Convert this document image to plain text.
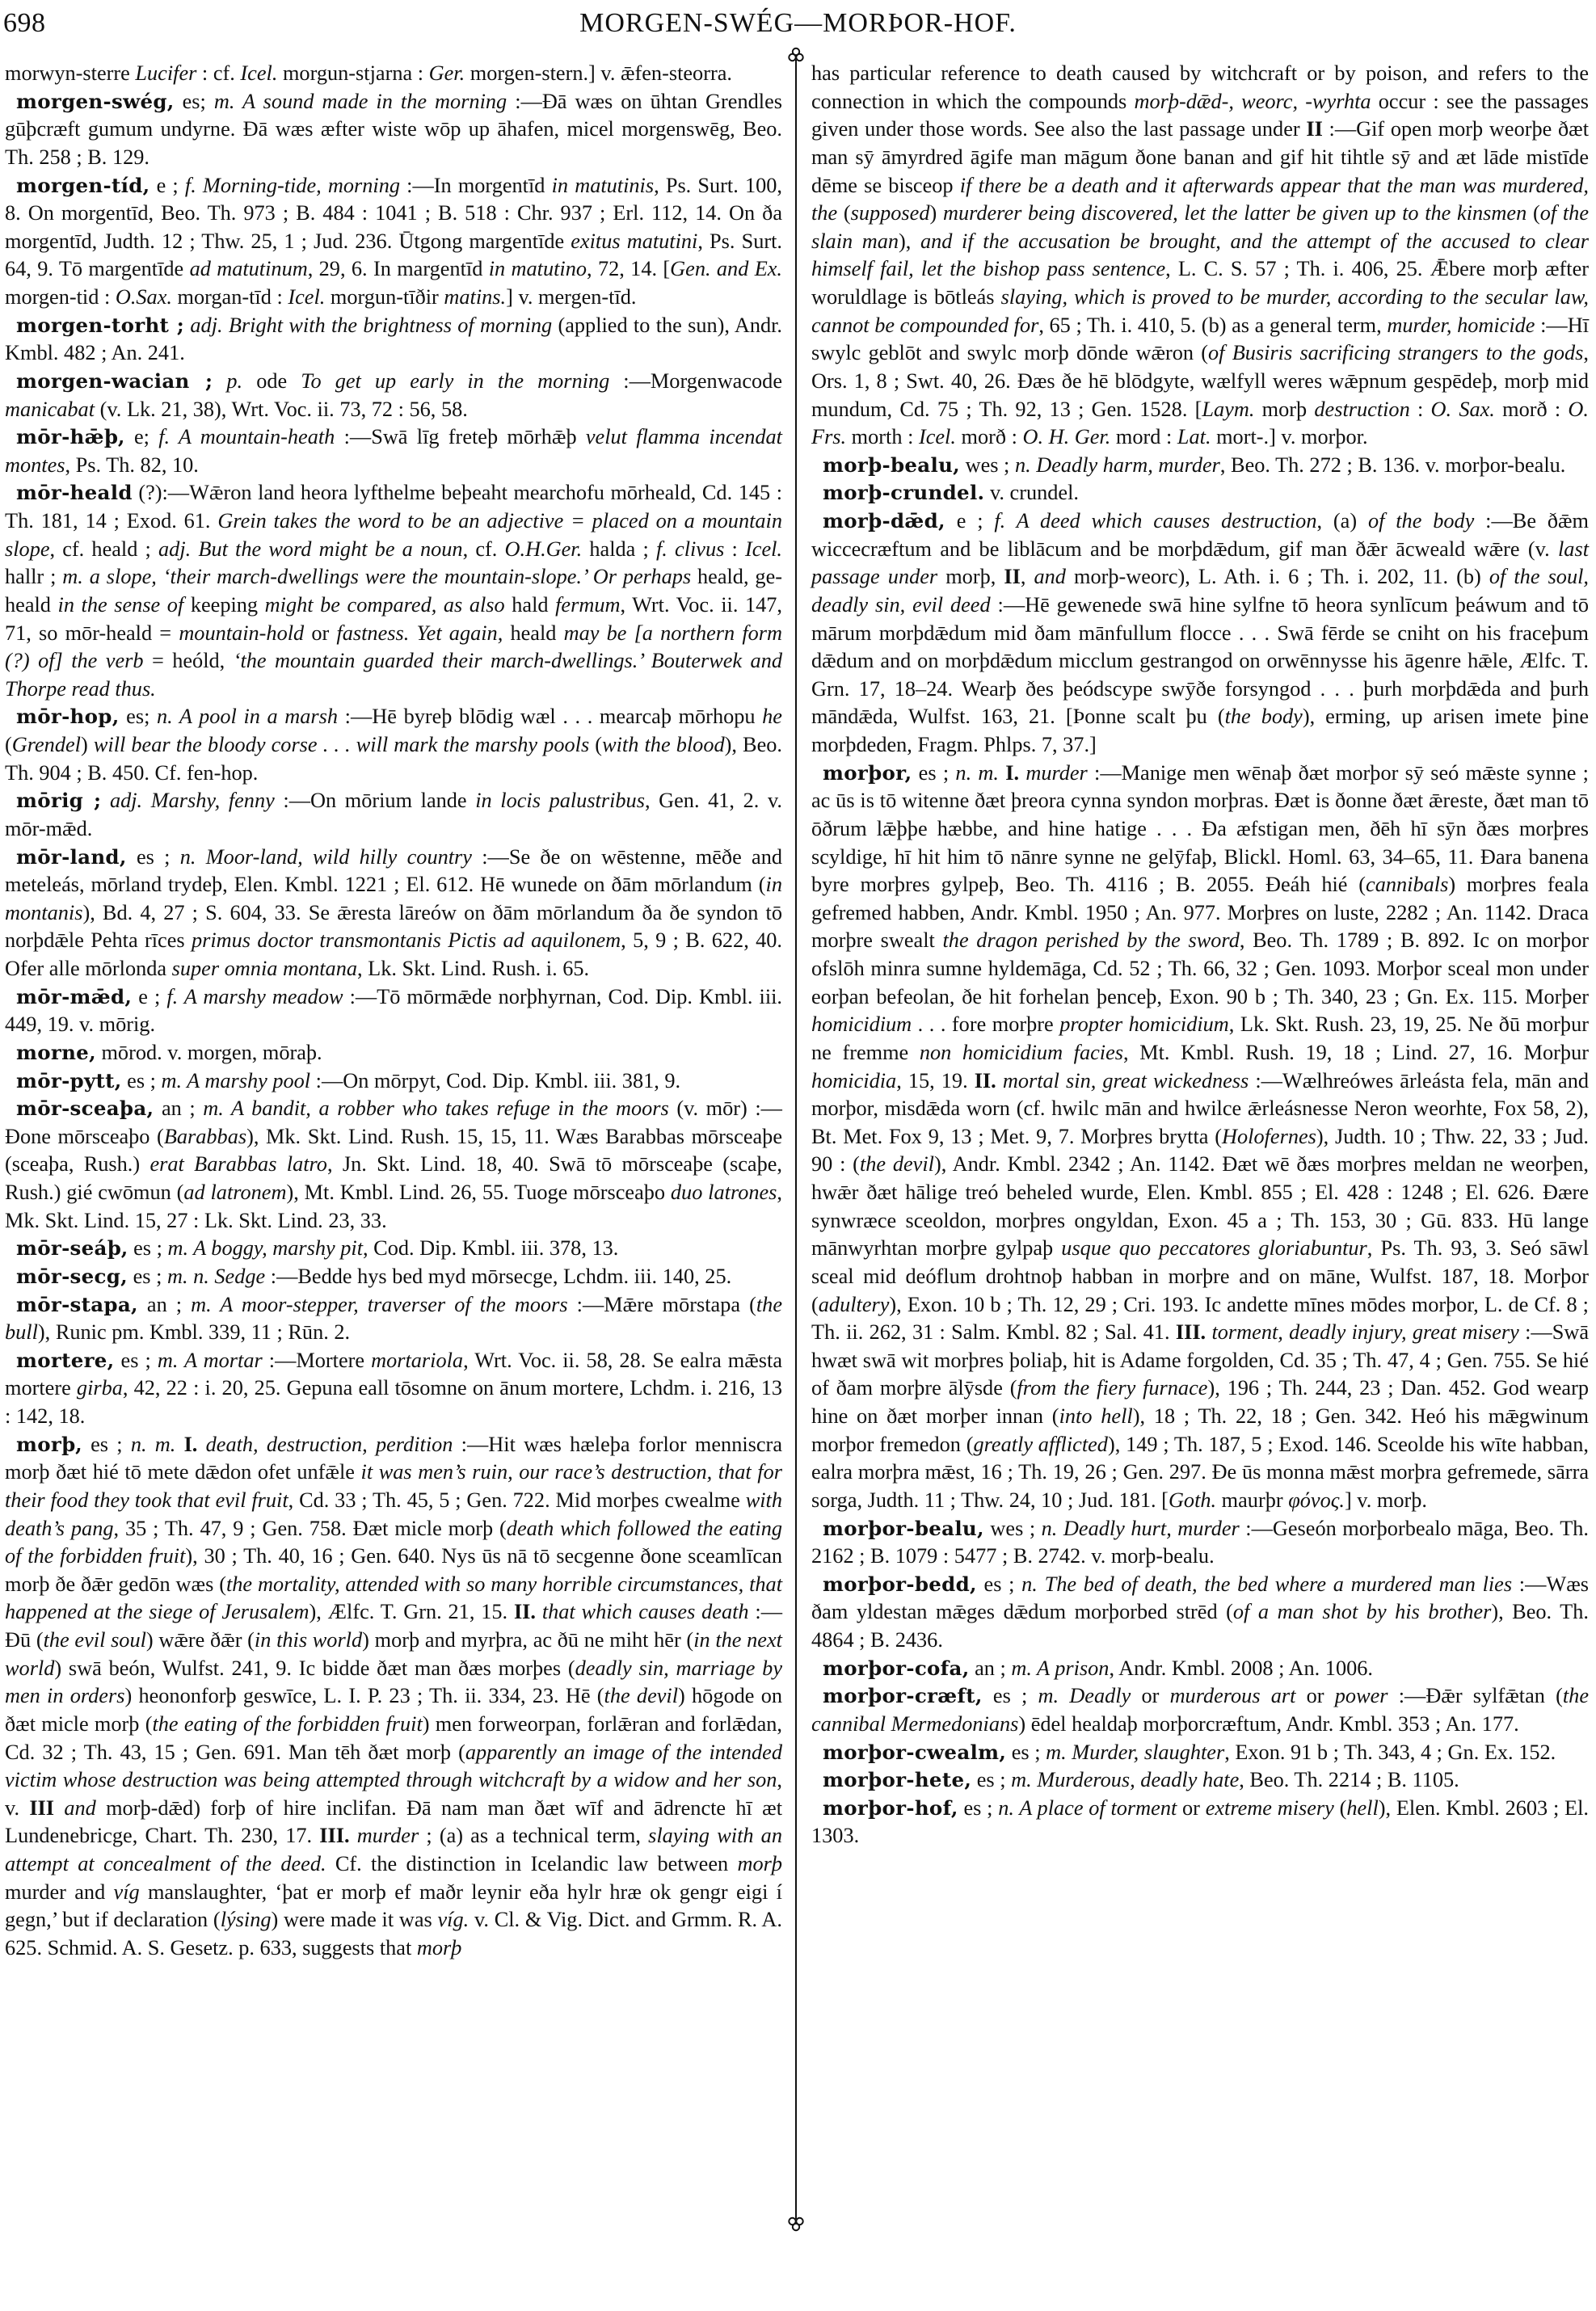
698	MORGEN-SWÉG—MORÞOR-HOF.

morwyn-sterre Lucifer : cf. Icel. morgun-stjarna : Ger. morgen-stern.] v. ǣfen-steorra.

morgen-swég, es; m. A sound made in the morning :—Ðā wæs on ūhtan Grendles gūþcræft gumum undyrne. Ðā wæs æfter wiste wōp up āhafen, micel morgenswēg, Beo. Th. 258 ; B. 129.

morgen-tíd, e ; f. Morning-tide, morning :—In morgentīd in matutinis, Ps. Surt. 100, 8. On morgentīd, Beo. Th. 973 ; B. 484 : 1041 ; B. 518 : Chr. 937 ; Erl. 112, 14. On ða morgentīd, Judth. 12 ; Thw. 25, 1 ; Jud. 236. Ūtgong margentīde exitus matutini, Ps. Surt. 64, 9. Tō margentīde ad matutinum, 29, 6. In margentīd in matutino, 72, 14. [Gen. and Ex. morgen-tid : O.Sax. morgan-tīd : Icel. morgun-tīðir matins.] v. mergen-tīd.

morgen-torht ; adj. Bright with the brightness of morning (applied to the sun), Andr. Kmbl. 482 ; An. 241.

morgen-wacian ; p. ode To get up early in the morning :—Morgenwacode manicabat (v. Lk. 21, 38), Wrt. Voc. ii. 73, 72 : 56, 58.

mōr-hǣþ, e; f. A mountain-heath :—Swā līg freteþ mōrhǣþ velut flamma incendat montes, Ps. Th. 82, 10.

mōr-heald (?):—Wǣron land heora lyfthelme beþeaht mearchofu mōrheald, Cd. 145 : Th. 181, 14 ; Exod. 61. Grein takes the word to be an adjective = placed on a mountain slope, cf. heald ; adj. But the word might be a noun, cf. O.H.Ger. halda ; f. clivus : Icel. hallr ; m. a slope, ‘their march-dwellings were the mountain-slope.’ Or perhaps heald, ge-heald in the sense of keeping might be compared, as also hald fermum, Wrt. Voc. ii. 147, 71, so mōr-heald = mountain-hold or fastness. Yet again, heald may be [a northern form (?) of] the verb = heóld, ‘the mountain guarded their march-dwellings.’ Bouterwek and Thorpe read thus.

mōr-hop, es; n. A pool in a marsh :—Hē byreþ blōdig wæl . . . mearcaþ mōrhopu he (Grendel) will bear the bloody corse . . . will mark the marshy pools (with the blood), Beo. Th. 904 ; B. 450. Cf. fen-hop.

mōrig ; adj. Marshy, fenny :—On mōrium lande in locis palustribus, Gen. 41, 2. v. mōr-mǣd.

mōr-land, es ; n. Moor-land, wild hilly country :—Se ðe on wēstenne, mēðe and meteleás, mōrland trydeþ, Elen. Kmbl. 1221 ; El. 612. Hē wunede on ðām mōrlandum (in montanis), Bd. 4, 27 ; S. 604, 33. Se ǣresta lāreów on ðām mōrlandum ða ðe syndon tō norþdǣle Pehta rīces primus doctor transmontanis Pictis ad aquilonem, 5, 9 ; B. 622, 40. Ofer alle mōrlonda super omnia montana, Lk. Skt. Lind. Rush. i. 65.

mōr-mǣd, e ; f. A marshy meadow :—Tō mōrmǣde norþhyrnan, Cod. Dip. Kmbl. iii. 449, 19. v. mōrig.

morne, mōrod. v. morgen, mōraþ.

mōr-pytt, es ; m. A marshy pool :—On mōrpyt, Cod. Dip. Kmbl. iii. 381, 9.

mōr-sceaþa, an ; m. A bandit, a robber who takes refuge in the moors (v. mōr) :—Ðone mōrsceaþo (Barabbas), Mk. Skt. Lind. Rush. 15, 15, 11. Wæs Barabbas mōrsceaþe (sceaþa, Rush.) erat Barabbas latro, Jn. Skt. Lind. 18, 40. Swā tō mōrsceaþe (scaþe, Rush.) gié cwōmun (ad latronem), Mt. Kmbl. Lind. 26, 55. Tuoge mōrsceaþo duo latrones, Mk. Skt. Lind. 15, 27 : Lk. Skt. Lind. 23, 33.

mōr-seáþ, es ; m. A boggy, marshy pit, Cod. Dip. Kmbl. iii. 378, 13.

mōr-secg, es ; m. n. Sedge :—Bedde hys bed myd mōrsecge, Lchdm. iii. 140, 25.

mōr-stapa, an ; m. A moor-stepper, traverser of the moors :—Mǣre mōrstapa (the bull), Runic pm. Kmbl. 339, 11 ; Rūn. 2.

mortere, es ; m. A mortar :—Mortere mortariola, Wrt. Voc. ii. 58, 28. Se ealra mǣsta mortere girba, 42, 22 : i. 20, 25. Gepuna eall tōsomne on ānum mortere, Lchdm. i. 216, 13 : 142, 18.

morþ, es ; n. m. I. death, destruction, perdition :—Hit wæs hæleþa forlor menniscra morþ ðæt hié tō mete dǣdon ofet unfǣle it was men’s ruin, our race’s destruction, that for their food they took that evil fruit, Cd. 33 ; Th. 45, 5 ; Gen. 722. Mid morþes cwealme with death’s pang, 35 ; Th. 47, 9 ; Gen. 758. Ðæt micle morþ (death which followed the eating of the forbidden fruit), 30 ; Th. 40, 16 ; Gen. 640. Nys ūs nā tō secgenne ðone sceamlīcan morþ ðe ðǣr gedōn wæs (the mortality, attended with so many horrible circumstances, that happened at the siege of Jerusalem), Ælfc. T. Grn. 21, 15. II. that which causes death :—Ðū (the evil soul) wǣre ðǣr (in this world) morþ and myrþra, ac ðū ne miht hēr (in the next world) swā beón, Wulfst. 241, 9. Ic bidde ðæt man ðæs morþes (deadly sin, marriage by men in orders) heononforþ geswīce, L. I. P. 23 ; Th. ii. 334, 23. Hē (the devil) hōgode on ðæt micle morþ (the eating of the forbidden fruit) men forweorpan, forlǣran and forlǣdan, Cd. 32 ; Th. 43, 15 ; Gen. 691. Man tēh ðæt morþ (apparently an image of the intended victim whose destruction was being attempted through witchcraft by a widow and her son, v. III and morþ-dǣd) forþ of hire inclifan. Ðā nam man ðæt wīf and ādrencte hī æt Lundenebricge, Chart. Th. 230, 17. III. murder ; (a) as a technical term, slaying with an attempt at concealment of the deed. Cf. the distinction in Icelandic law between morþ murder and víg manslaughter, ‘þat er morþ ef maðr leynir eða hylr hræ ok gengr eigi í gegn,’ but if declaration (lýsing) were made it was víg. v. Cl. & Vig. Dict. and Grmm. R. A. 625. Schmid. A. S. Gesetz. p. 633, suggests that morþ

has particular reference to death caused by witchcraft or by poison, and refers to the connection in which the compounds morþ-dǣd-, weorc, -wyrhta occur : see the passages given under those words. See also the last passage under II :—Gif open morþ weorþe ðæt man sȳ āmyrdred āgife man māgum ðone banan and gif hit tihtle sȳ and æt lāde mistīde dēme se bisceop if there be a death and it afterwards appear that the man was murdered, the (supposed) murderer being discovered, let the latter be given up to the kinsmen (of the slain man), and if the accusation be brought, and the attempt of the accused to clear himself fail, let the bishop pass sentence, L. C. S. 57 ; Th. i. 406, 25. Ǣbere morþ æfter woruldlage is bōtleás slaying, which is proved to be murder, according to the secular law, cannot be compounded for, 65 ; Th. i. 410, 5. (b) as a general term, murder, homicide :—Hī swylc geblōt and swylc morþ dōnde wǣron (of Busiris sacrificing strangers to the gods, Ors. 1, 8 ; Swt. 40, 26. Ðæs ðe hē blōdgyte, wælfyll weres wǣpnum gespēdeþ, morþ mid mundum, Cd. 75 ; Th. 92, 13 ; Gen. 1528. [Laym. morþ destruction : O. Sax. morð : O. Frs. morth : Icel. morð : O. H. Ger. mord : Lat. mort-.] v. morþor.

morþ-bealu, wes ; n. Deadly harm, murder, Beo. Th. 272 ; B. 136. v. morþor-bealu.

morþ-crundel. v. crundel.

morþ-dǣd, e ; f. A deed which causes destruction, (a) of the body :—Be ðǣm wiccecræftum and be liblācum and be morþdǣdum, gif man ðǣr ācweald wǣre (v. last passage under morþ, II, and morþ-weorc), L. Ath. i. 6 ; Th. i. 202, 11. (b) of the soul, deadly sin, evil deed :—Hē gewenede swā hine sylfne tō heora synlīcum þeáwum and tō mārum morþdǣdum mid ðam mānfullum flocce . . . Swā fērde se cniht on his fraceþum dǣdum and on morþdǣdum micclum gestrangod on orwēnnysse his āgenre hǣle, Ælfc. T. Grn. 17, 18–24. Wearþ ðes þeódscype swȳðe forsyngod . . . þurh morþdǣda and þurh māndǣda, Wulfst. 163, 21. [Þonne scalt þu (the body), erming, up arisen imete þine morþdeden, Fragm. Phlps. 7, 37.]

morþor, es ; n. m. I. murder :—Manige men wēnaþ ðæt morþor sȳ seó mǣste synne ; ac ūs is tō witenne ðæt þreora cynna syndon morþras. Ðæt is ðonne ðæt ǣreste, ðæt man tō ōðrum lǣþþe hæbbe, and hine hatige . . . Ða æfstigan men, ðēh hī sȳn ðæs morþres scyldige, hī hit him tō nānre synne ne gelȳfaþ, Blickl. Homl. 63, 34–65, 11. Ðara banena byre morþres gylpeþ, Beo. Th. 4116 ; B. 2055. Ðeáh hié (cannibals) morþres feala gefremed habben, Andr. Kmbl. 1950 ; An. 977. Morþres on luste, 2282 ; An. 1142. Draca morþre swealt the dragon perished by the sword, Beo. Th. 1789 ; B. 892. Ic on morþor ofslōh minra sumne hyldemāga, Cd. 52 ; Th. 66, 32 ; Gen. 1093. Morþor sceal mon under eorþan befeolan, ðe hit forhelan þenceþ, Exon. 90 b ; Th. 340, 23 ; Gn. Ex. 115. Morþer homicidium . . . fore morþre propter homicidium, Lk. Skt. Rush. 23, 19, 25. Ne ðū morþur ne fremme non homicidium facies, Mt. Kmbl. Rush. 19, 18 ; Lind. 27, 16. Morþur homicidia, 15, 19. II. mortal sin, great wickedness :—Wælhreówes ārleásta fela, mān and morþor, misdǣda worn (cf. hwilc mān and hwilce ǣrleásnesse Neron weorhte, Fox 58, 2), Bt. Met. Fox 9, 13 ; Met. 9, 7. Morþres brytta (Holofernes), Judth. 10 ; Thw. 22, 33 ; Jud. 90 : (the devil), Andr. Kmbl. 2342 ; An. 1142. Ðæt wē ðæs morþres meldan ne weorþen, hwǣr ðæt hālige treó beheled wurde, Elen. Kmbl. 855 ; El. 428 : 1248 ; El. 626. Ðære synwræce sceoldon, morþres ongyldan, Exon. 45 a ; Th. 153, 30 ; Gū. 833. Hū lange mānwyrhtan morþre gylpaþ usque quo peccatores gloriabuntur, Ps. Th. 93, 3. Seó sāwl sceal mid deóflum drohtnoþ habban in morþre and on māne, Wulfst. 187, 18. Morþor (adultery), Exon. 10 b ; Th. 12, 29 ; Cri. 193. Ic andette mīnes mōdes morþor, L. de Cf. 8 ; Th. ii. 262, 31 : Salm. Kmbl. 82 ; Sal. 41. III. torment, deadly injury, great misery :—Swā hwæt swā wit morþres þoliaþ, hit is Adame forgolden, Cd. 35 ; Th. 47, 4 ; Gen. 755. Se hié of ðam morþre ālȳsde (from the fiery furnace), 196 ; Th. 244, 23 ; Dan. 452. God wearp hine on ðæt morþer innan (into hell), 18 ; Th. 22, 18 ; Gen. 342. Heó his mǣgwinum morþor fremedon (greatly afflicted), 149 ; Th. 187, 5 ; Exod. 146. Sceolde his wīte habban, ealra morþra mǣst, 16 ; Th. 19, 26 ; Gen. 297. Ðe ūs monna mǣst morþra gefremede, sārra sorga, Judth. 11 ; Thw. 24, 10 ; Jud. 181. [Goth. maurþr φόνος.] v. morþ.

morþor-bealu, wes ; n. Deadly hurt, murder :—Geseón morþorbealo māga, Beo. Th. 2162 ; B. 1079 : 5477 ; B. 2742. v. morþ-bealu.

morþor-bedd, es ; n. The bed of death, the bed where a murdered man lies :—Wæs ðam yldestan mǣges dǣdum morþorbed strēd (of a man shot by his brother), Beo. Th. 4864 ; B. 2436.

morþor-cofa, an ; m. A prison, Andr. Kmbl. 2008 ; An. 1006.

morþor-cræft, es ; m. Deadly or murderous art or power :—Ðǣr sylfǣtan (the cannibal Mermedonians) ēdel healdaþ morþorcræftum, Andr. Kmbl. 353 ; An. 177.

morþor-cwealm, es ; m. Murder, slaughter, Exon. 91 b ; Th. 343, 4 ; Gn. Ex. 152.

morþor-hete, es ; m. Murderous, deadly hate, Beo. Th. 2214 ; B. 1105.

morþor-hof, es ; n. A place of torment or extreme misery (hell), Elen. Kmbl. 2603 ; El. 1303.
